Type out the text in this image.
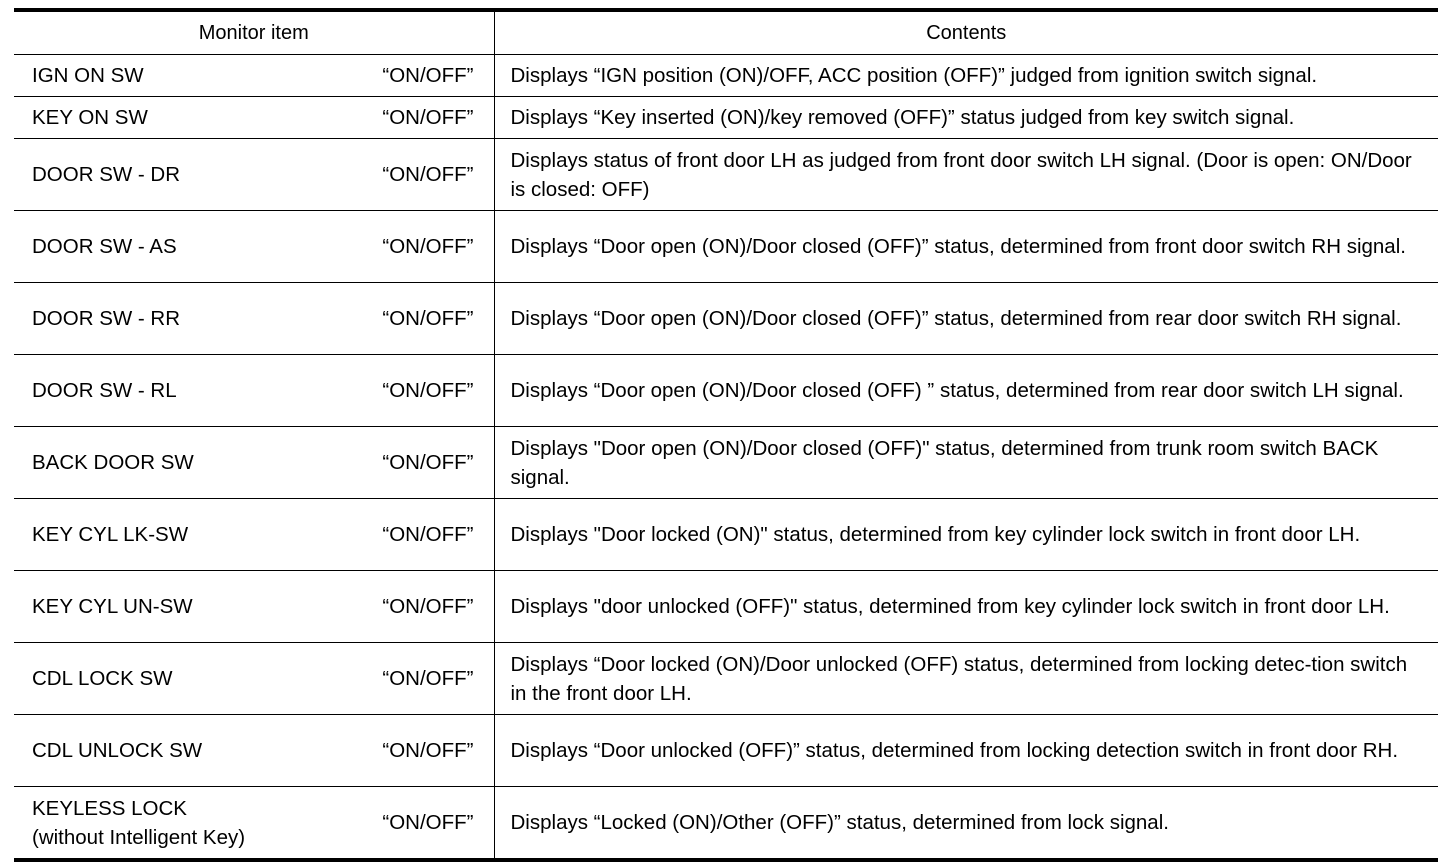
Monitor item	Contents

IGN ON SW “ON/OFF”	Displays “IGN position (ON)/OFF, ACC position (OFF)” judged from ignition switch signal.

KEY ON SW “ON/OFF”	Displays “Key inserted (ON)/key removed (OFF)” status judged from key switch signal.

DOOR SW - DR “ON/OFF”	Displays status of front door LH as judged from front door switch LH signal. (Door is open: ON/Door is closed: OFF)

DOOR SW - AS “ON/OFF”	Displays “Door open (ON)/Door closed (OFF)” status, determined from front door switch RH signal.

DOOR SW - RR “ON/OFF”	Displays “Door open (ON)/Door closed (OFF)” status, determined from rear door switch RH signal.

DOOR SW - RL “ON/OFF”	Displays “Door open (ON)/Door closed (OFF) ” status, determined from rear door switch LH signal.

BACK DOOR SW “ON/OFF”	Displays "Door open (ON)/Door closed (OFF)" status, determined from trunk room switch BACK signal.

KEY CYL LK-SW “ON/OFF”	Displays "Door locked (ON)" status, determined from key cylinder lock switch in front door LH.

KEY CYL UN-SW “ON/OFF”	Displays "door unlocked (OFF)" status, determined from key cylinder lock switch in front door LH.

CDL LOCK SW “ON/OFF”	Displays “Door locked (ON)/Door unlocked (OFF) status, determined from locking detec-tion switch in the front door LH.

CDL UNLOCK SW “ON/OFF”	Displays “Door unlocked (OFF)” status, determined from locking detection switch in front door RH.

KEYLESS LOCK
(without Intelligent Key)
“ON/OFF”	Displays “Locked (ON)/Other (OFF)” status, determined from lock signal.
